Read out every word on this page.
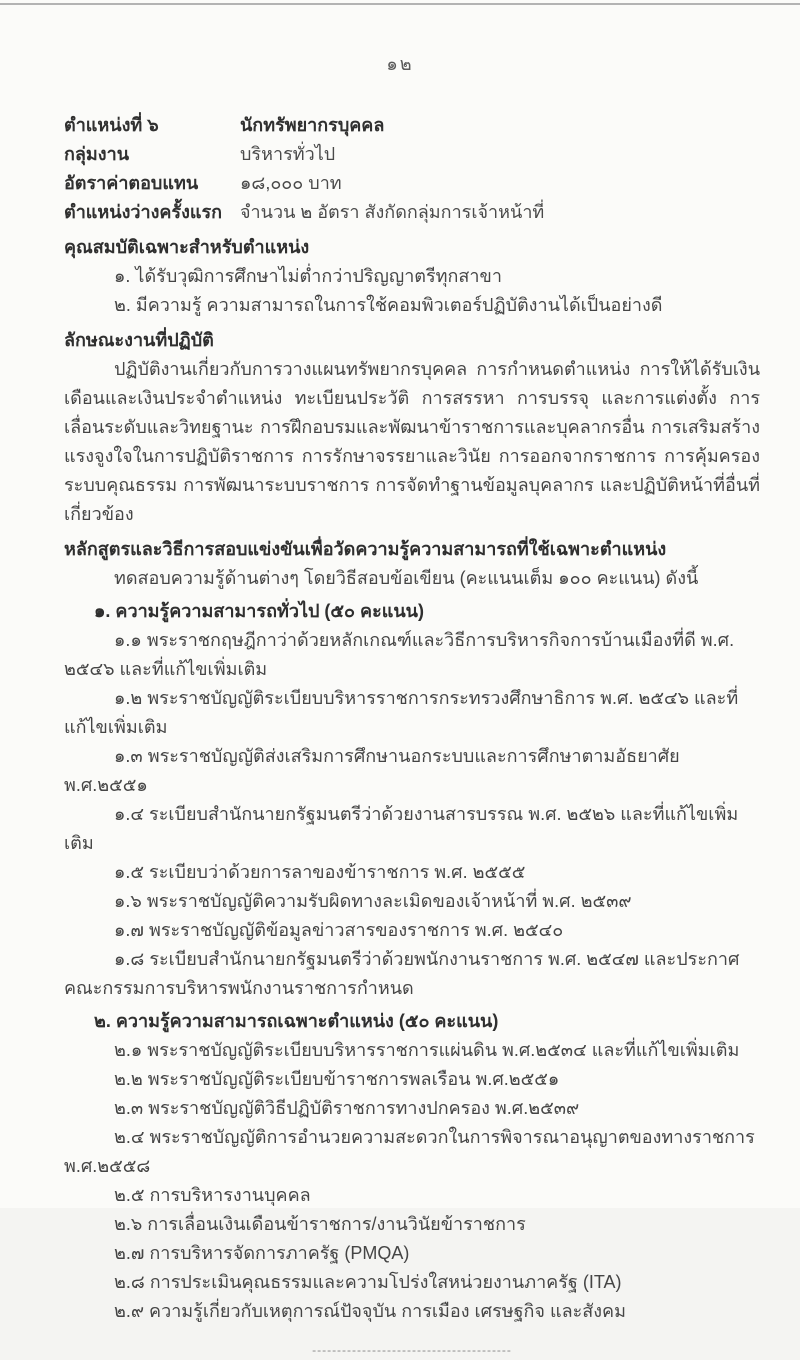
๑๒
ตำแหน่งที่ ๖	นักทรัพยากรบุคคล
กลุ่มงาน	บริหารทั่วไป
อัตราค่าตอบแทน	๑๘,๐๐๐ บาท
ตำแหน่งว่างครั้งแรก จำนวน ๒ อัตรา สังกัดกลุ่มการเจ้าหน้าที่
คุณสมบัติเฉพาะสำหรับตำแหน่ง
๑. ได้รับวุฒิการศึกษาไม่ต่ำกว่าปริญญาตรีทุกสาขา
๒. มีความรู้ ความสามารถในการใช้คอมพิวเตอร์ปฏิบัติงานได้เป็นอย่างดี
ลักษณะงานที่ปฏิบัติ

ปฏิบัติงานเกี่ยวกับการวางแผนทรัพยากรบุคคล การกำหนดตำแหน่ง การให้ได้รับเงินเดือนและเงินประจำตำแหน่ง ทะเบียนประวัติ การสรรหา การบรรจุ และการแต่งตั้ง การเลื่อนระดับและวิทยฐานะ การฝึกอบรมและพัฒนาข้าราชการและบุคลากรอื่น การเสริมสร้างแรงจูงใจในการปฏิบัติราชการ การรักษาจรรยาและวินัย การออกจากราชการ การคุ้มครองระบบคุณธรรม การพัฒนาระบบราชการ การจัดทำฐานข้อมูลบุคลากร และปฏิบัติหน้าที่อื่นที่เกี่ยวข้อง

หลักสูตรและวิธีการสอบแข่งขันเพื่อวัดความรู้ความสามารถที่ใช้เฉพาะตำแหน่ง
ทดสอบความรู้ด้านต่างๆ โดยวิธีสอบข้อเขียน (คะแนนเต็ม ๑๐๐ คะแนน) ดังนี้
๑. ความรู้ความสามารถทั่วไป (๕๐ คะแนน)
๑.๑ พระราชกฤษฎีกาว่าด้วยหลักเกณฑ์และวิธีการบริหารกิจการบ้านเมืองที่ดี พ.ศ. ๒๕๔๖ และที่แก้ไขเพิ่มเติม
๑.๒ พระราชบัญญัติระเบียบบริหารราชการกระทรวงศึกษาธิการ พ.ศ. ๒๕๔๖ และที่แก้ไขเพิ่มเติม
๑.๓ พระราชบัญญัติส่งเสริมการศึกษานอกระบบและการศึกษาตามอัธยาศัย พ.ศ.๒๕๕๑
๑.๔ ระเบียบสำนักนายกรัฐมนตรีว่าด้วยงานสารบรรณ พ.ศ. ๒๕๒๖ และที่แก้ไขเพิ่มเติม
๑.๕ ระเบียบว่าด้วยการลาของข้าราชการ พ.ศ. ๒๕๕๕
๑.๖ พระราชบัญญัติความรับผิดทางละเมิดของเจ้าหน้าที่ พ.ศ. ๒๕๓๙
๑.๗ พระราชบัญญัติข้อมูลข่าวสารของราชการ พ.ศ. ๒๕๔๐
๑.๘ ระเบียบสำนักนายกรัฐมนตรีว่าด้วยพนักงานราชการ พ.ศ. ๒๕๔๗ และประกาศคณะกรรมการบริหารพนักงานราชการกำหนด
๒. ความรู้ความสามารถเฉพาะตำแหน่ง (๕๐ คะแนน)
๒.๑ พระราชบัญญัติระเบียบบริหารราชการแผ่นดิน พ.ศ.๒๕๓๔ และที่แก้ไขเพิ่มเติม
๒.๒ พระราชบัญญัติระเบียบข้าราชการพลเรือน พ.ศ.๒๕๕๑
๒.๓ พระราชบัญญัติวิธีปฏิบัติราชการทางปกครอง พ.ศ.๒๕๓๙
๒.๔ พระราชบัญญัติการอำนวยความสะดวกในการพิจารณาอนุญาตของทางราชการ พ.ศ.๒๕๕๘
๒.๕ การบริหารงานบุคคล
๒.๖ การเลื่อนเงินเดือนข้าราชการ/งานวินัยข้าราชการ
๒.๗ การบริหารจัดการภาครัฐ (PMQA)
๒.๘ การประเมินคุณธรรมและความโปร่งใสหน่วยงานภาครัฐ (ITA)
๒.๙ ความรู้เกี่ยวกับเหตุการณ์ปัจจุบัน การเมือง เศรษฐกิจ และสังคม
----------------------------------------
